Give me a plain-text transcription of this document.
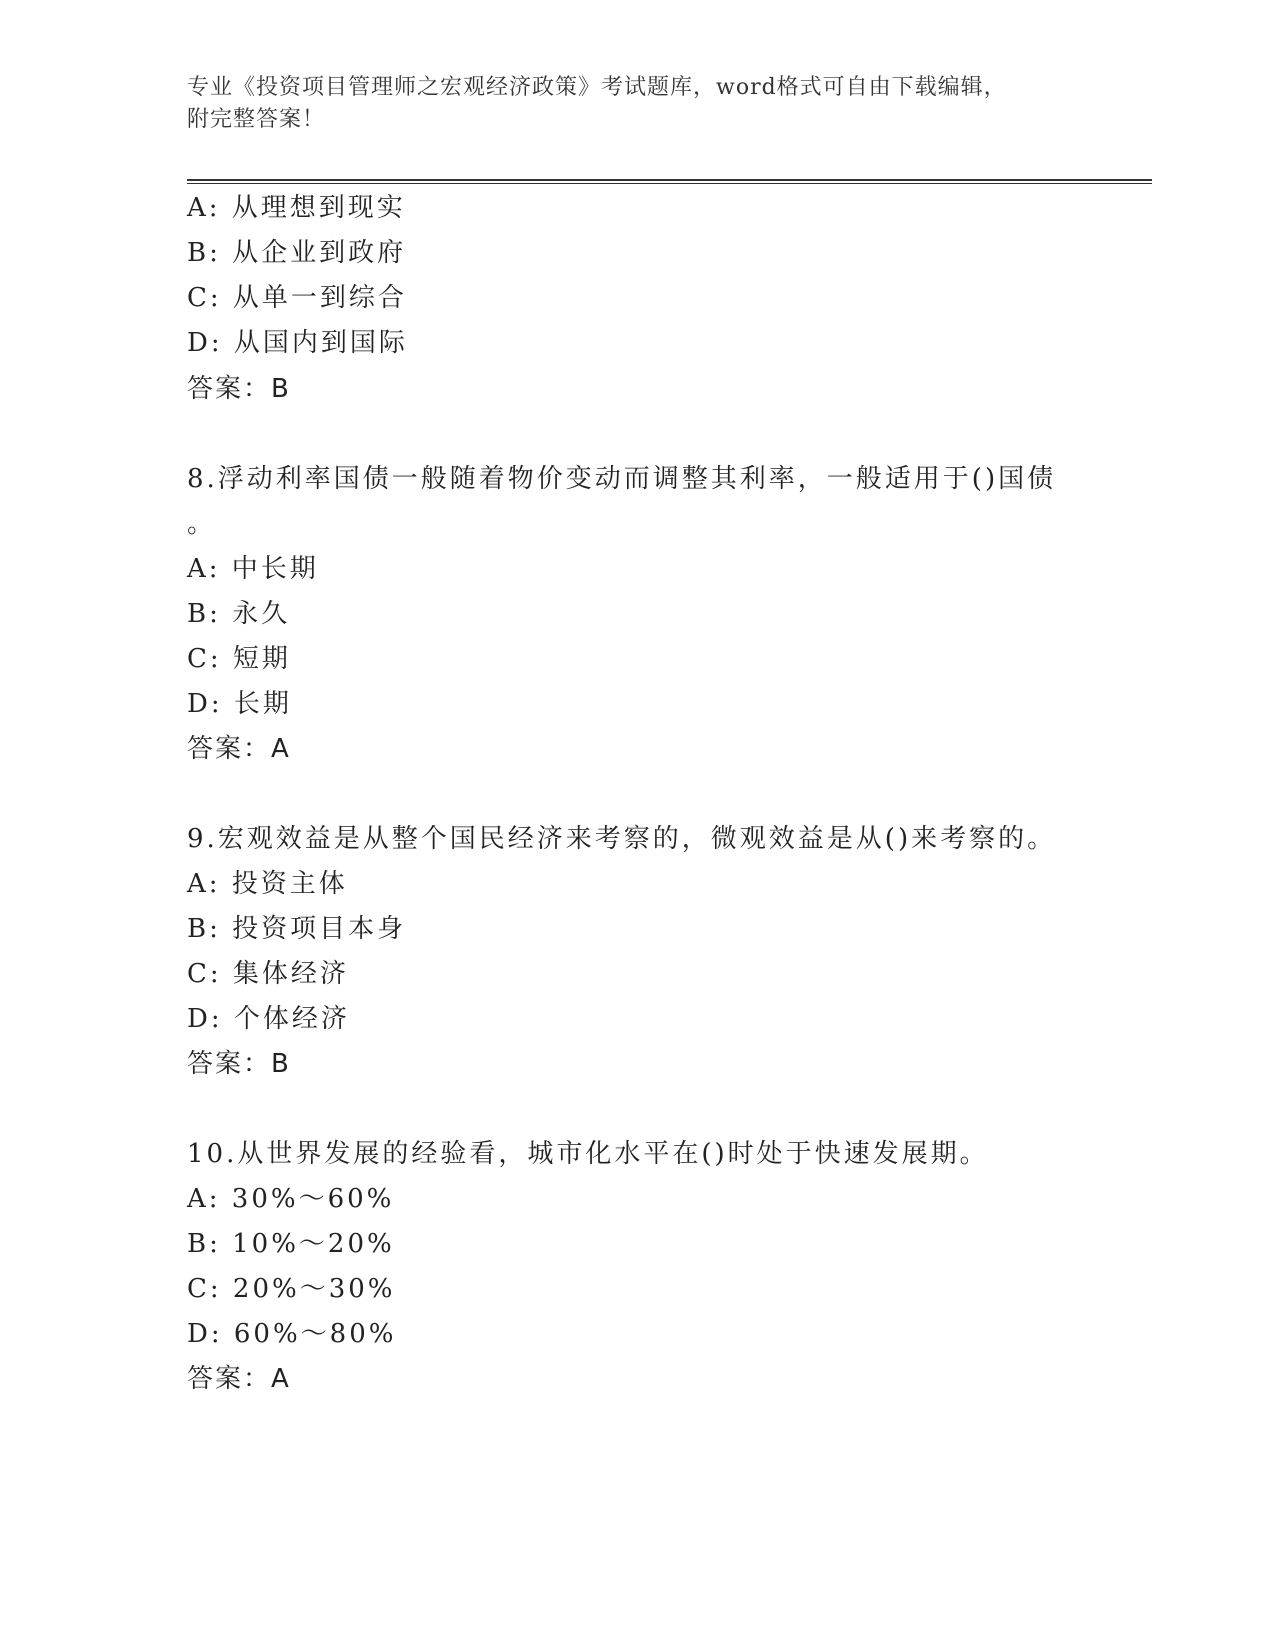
专业《投资项目管理师之宏观经济政策》考试题库，word格式可自由下载编辑，
附完整答案！
A: 从理想到现实
B: 从企业到政府
C: 从单一到综合
D: 从国内到国际
答案：B
8.浮动利率国债一般随着物价变动而调整其利率，一般适用于()国债
。
A: 中长期
B: 永久
C: 短期
D: 长期
答案：A
9.宏观效益是从整个国民经济来考察的，微观效益是从()来考察的。
A: 投资主体
B: 投资项目本身
C: 集体经济
D: 个体经济
答案：B
10.从世界发展的经验看，城市化水平在()时处于快速发展期。
A: 30%～60%
B: 10%～20%
C: 20%～30%
D: 60%～80%
答案：A
